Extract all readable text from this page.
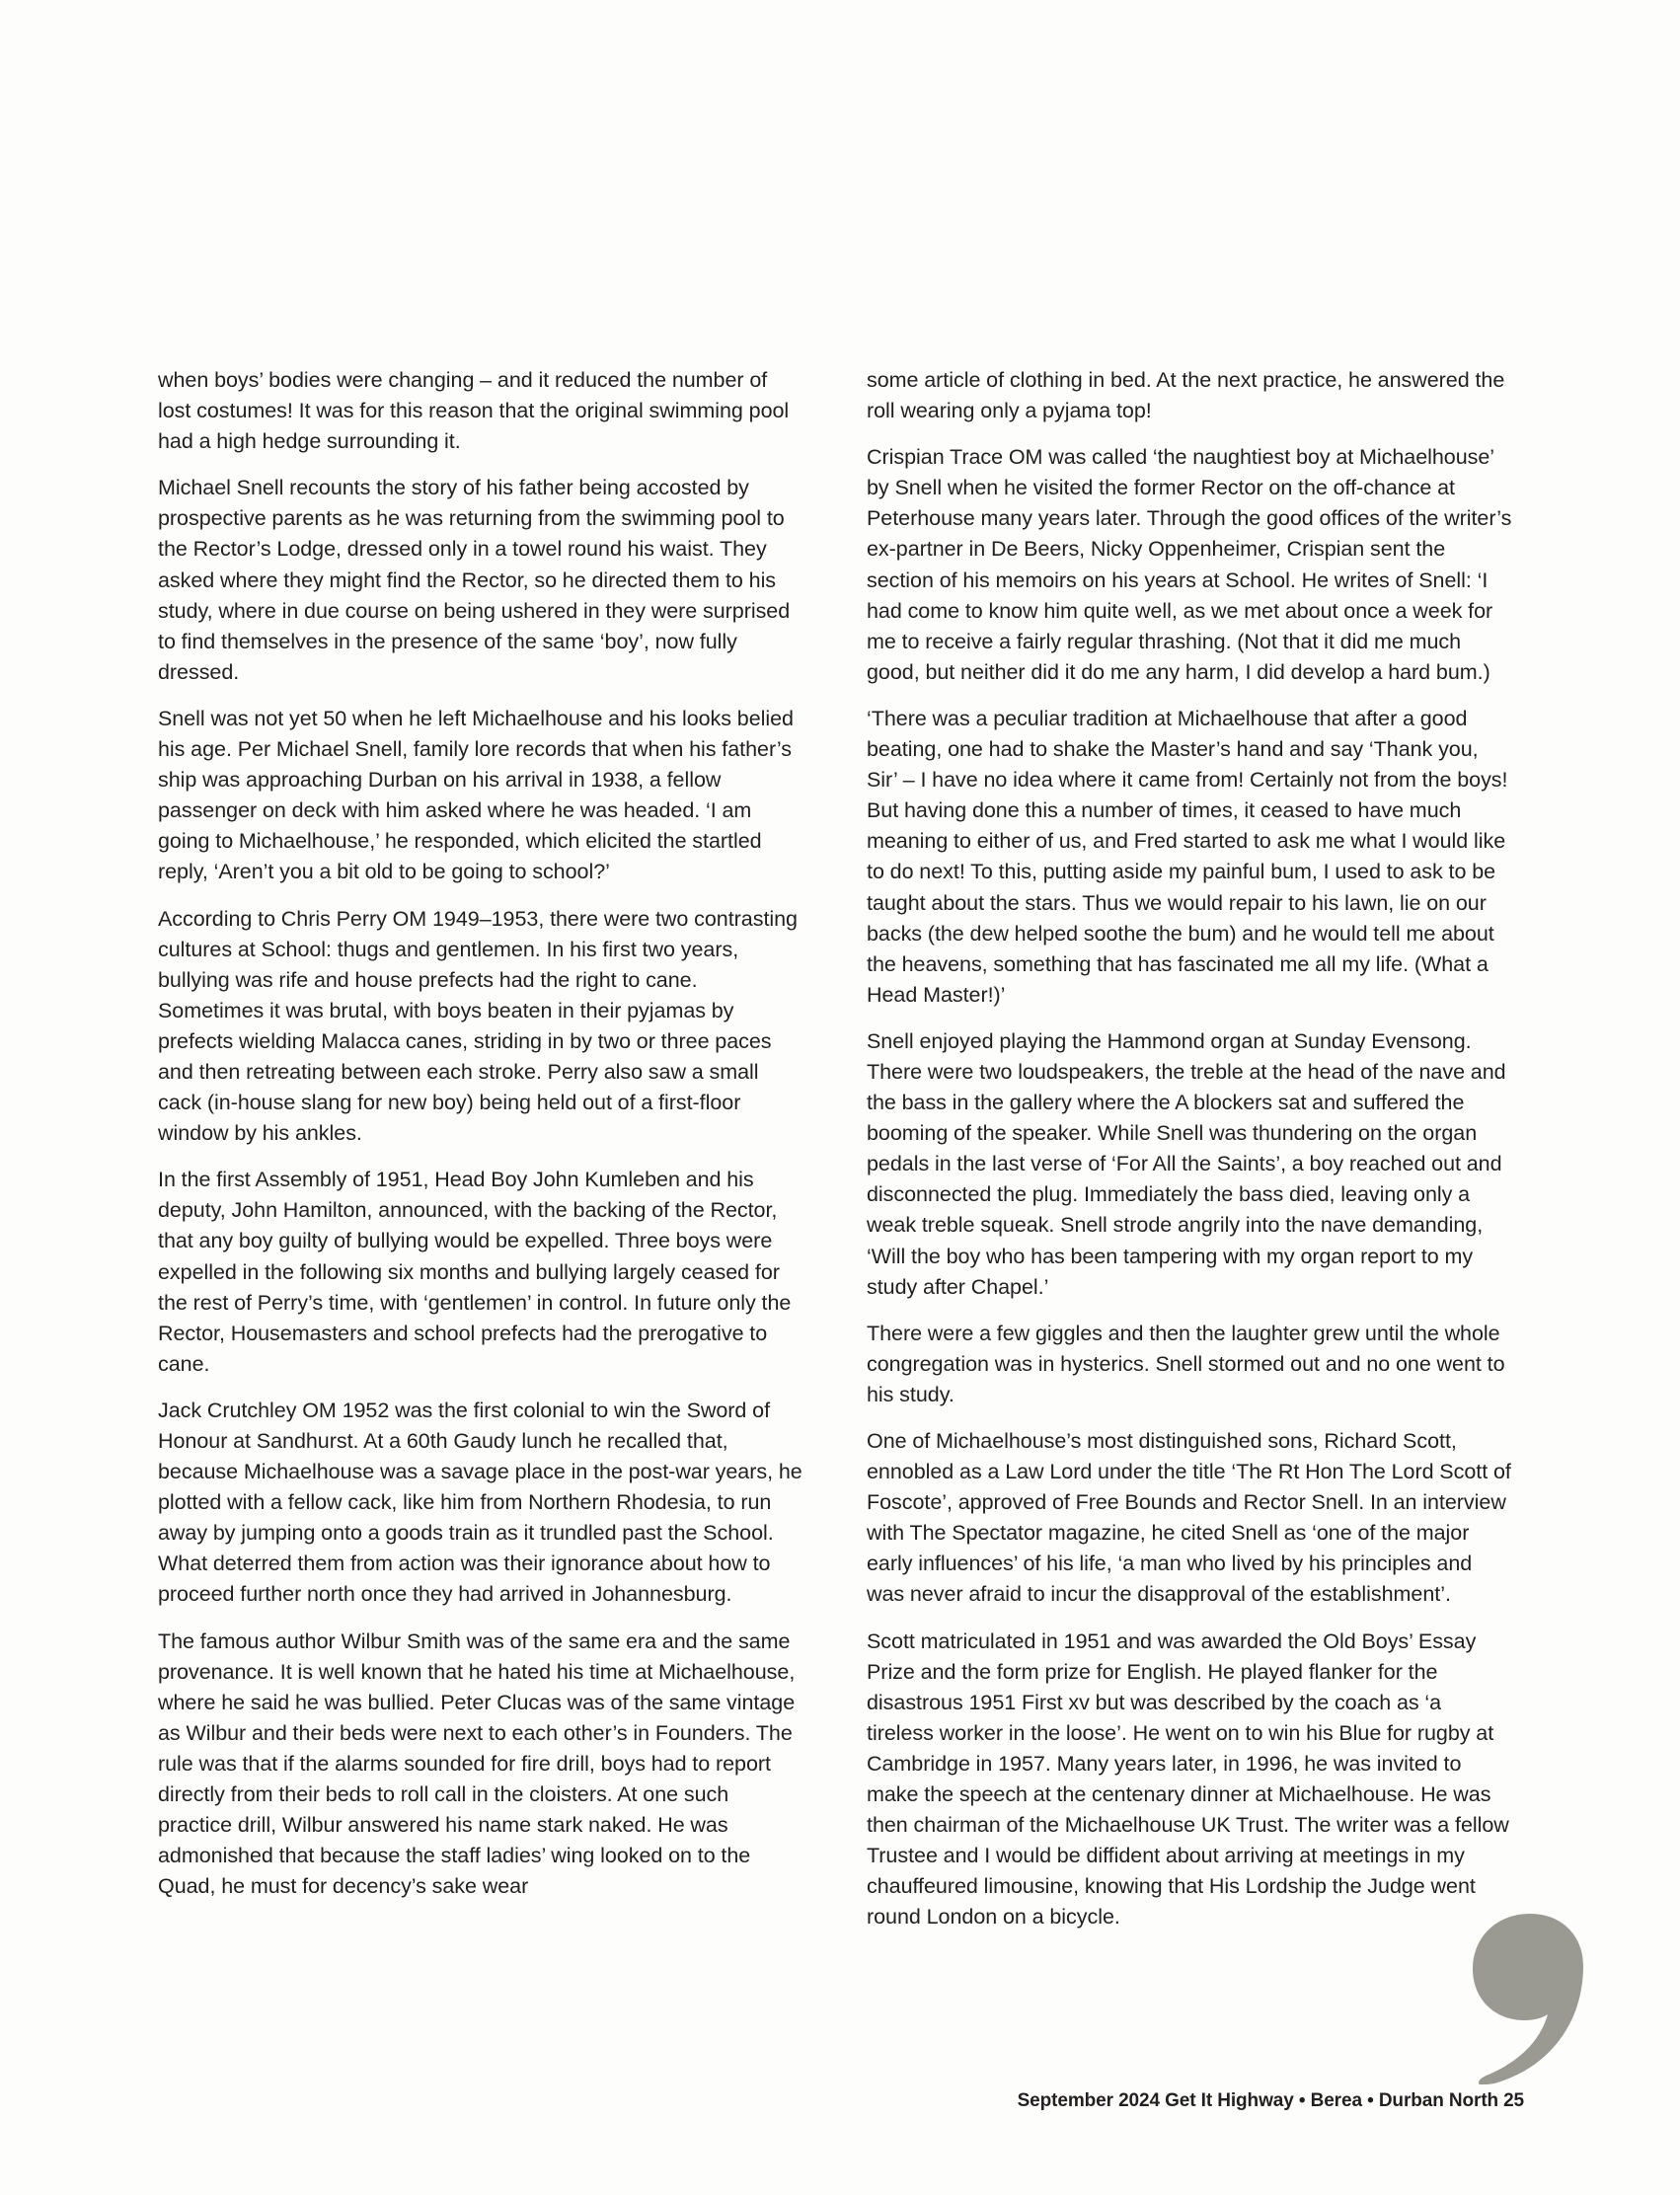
when boys’ bodies were changing – and it reduced the number of lost costumes! It was for this reason that the original swimming pool had a high hedge surrounding it.

Michael Snell recounts the story of his father being accosted by prospective parents as he was returning from the swimming pool to the Rector’s Lodge, dressed only in a towel round his waist. They asked where they might find the Rector, so he directed them to his study, where in due course on being ushered in they were surprised to find themselves in the presence of the same ‘boy’, now fully dressed.

Snell was not yet 50 when he left Michaelhouse and his looks belied his age. Per Michael Snell, family lore records that when his father’s ship was approaching Durban on his arrival in 1938, a fellow passenger on deck with him asked where he was headed. ‘I am going to Michaelhouse,’ he responded, which elicited the startled reply, ‘Aren’t you a bit old to be going to school?’

According to Chris Perry OM 1949–1953, there were two contrasting cultures at School: thugs and gentlemen. In his first two years, bullying was rife and house prefects had the right to cane. Sometimes it was brutal, with boys beaten in their pyjamas by prefects wielding Malacca canes, striding in by two or three paces and then retreating between each stroke. Perry also saw a small cack (in-house slang for new boy) being held out of a first-floor window by his ankles.

In the first Assembly of 1951, Head Boy John Kumleben and his deputy, John Hamilton, announced, with the backing of the Rector, that any boy guilty of bullying would be expelled. Three boys were expelled in the following six months and bullying largely ceased for the rest of Perry’s time, with ‘gentlemen’ in control. In future only the Rector, Housemasters and school prefects had the prerogative to cane.

Jack Crutchley OM 1952 was the first colonial to win the Sword of Honour at Sandhurst. At a 60th Gaudy lunch he recalled that, because Michaelhouse was a savage place in the post-war years, he plotted with a fellow cack, like him from Northern Rhodesia, to run away by jumping onto a goods train as it trundled past the School. What deterred them from action was their ignorance about how to proceed further north once they had arrived in Johannesburg.

The famous author Wilbur Smith was of the same era and the same provenance. It is well known that he hated his time at Michaelhouse, where he said he was bullied. Peter Clucas was of the same vintage as Wilbur and their beds were next to each other’s in Founders. The rule was that if the alarms sounded for fire drill, boys had to report directly from their beds to roll call in the cloisters. At one such practice drill, Wilbur answered his name stark naked. He was admonished that because the staff ladies’ wing looked on to the Quad, he must for decency’s sake wear

some article of clothing in bed. At the next practice, he answered the roll wearing only a pyjama top!

Crispian Trace OM was called ‘the naughtiest boy at Michaelhouse’ by Snell when he visited the former Rector on the off-chance at Peterhouse many years later. Through the good offices of the writer’s ex-partner in De Beers, Nicky Oppenheimer, Crispian sent the section of his memoirs on his years at School. He writes of Snell: ‘I had come to know him quite well, as we met about once a week for me to receive a fairly regular thrashing. (Not that it did me much good, but neither did it do me any harm, I did develop a hard bum.)

‘There was a peculiar tradition at Michaelhouse that after a good beating, one had to shake the Master’s hand and say ‘Thank you, Sir’ – I have no idea where it came from! Certainly not from the boys! But having done this a number of times, it ceased to have much meaning to either of us, and Fred started to ask me what I would like to do next! To this, putting aside my painful bum, I used to ask to be taught about the stars. Thus we would repair to his lawn, lie on our backs (the dew helped soothe the bum) and he would tell me about the heavens, something that has fascinated me all my life. (What a Head Master!)’

Snell enjoyed playing the Hammond organ at Sunday Evensong. There were two loudspeakers, the treble at the head of the nave and the bass in the gallery where the A blockers sat and suffered the booming of the speaker. While Snell was thundering on the organ pedals in the last verse of ‘For All the Saints’, a boy reached out and disconnected the plug. Immediately the bass died, leaving only a weak treble squeak. Snell strode angrily into the nave demanding, ‘Will the boy who has been tampering with my organ report to my study after Chapel.’

There were a few giggles and then the laughter grew until the whole congregation was in hysterics. Snell stormed out and no one went to his study.

One of Michaelhouse’s most distinguished sons, Richard Scott, ennobled as a Law Lord under the title ‘The Rt Hon The Lord Scott of Foscote’, approved of Free Bounds and Rector Snell. In an interview with The Spectator magazine, he cited Snell as ‘one of the major early influences’ of his life, ‘a man who lived by his principles and was never afraid to incur the disapproval of the establishment’.

Scott matriculated in 1951 and was awarded the Old Boys’ Essay Prize and the form prize for English. He played flanker for the disastrous 1951 First xv but was described by the coach as ‘a tireless worker in the loose’. He went on to win his Blue for rugby at Cambridge in 1957. Many years later, in 1996, he was invited to make the speech at the centenary dinner at Michaelhouse. He was then chairman of the Michaelhouse UK Trust. The writer was a fellow Trustee and I would be diffident about arriving at meetings in my chauffeured limousine, knowing that His Lordship the Judge went round London on a bicycle.

September 2024 Get It Highway • Berea • Durban North 25
